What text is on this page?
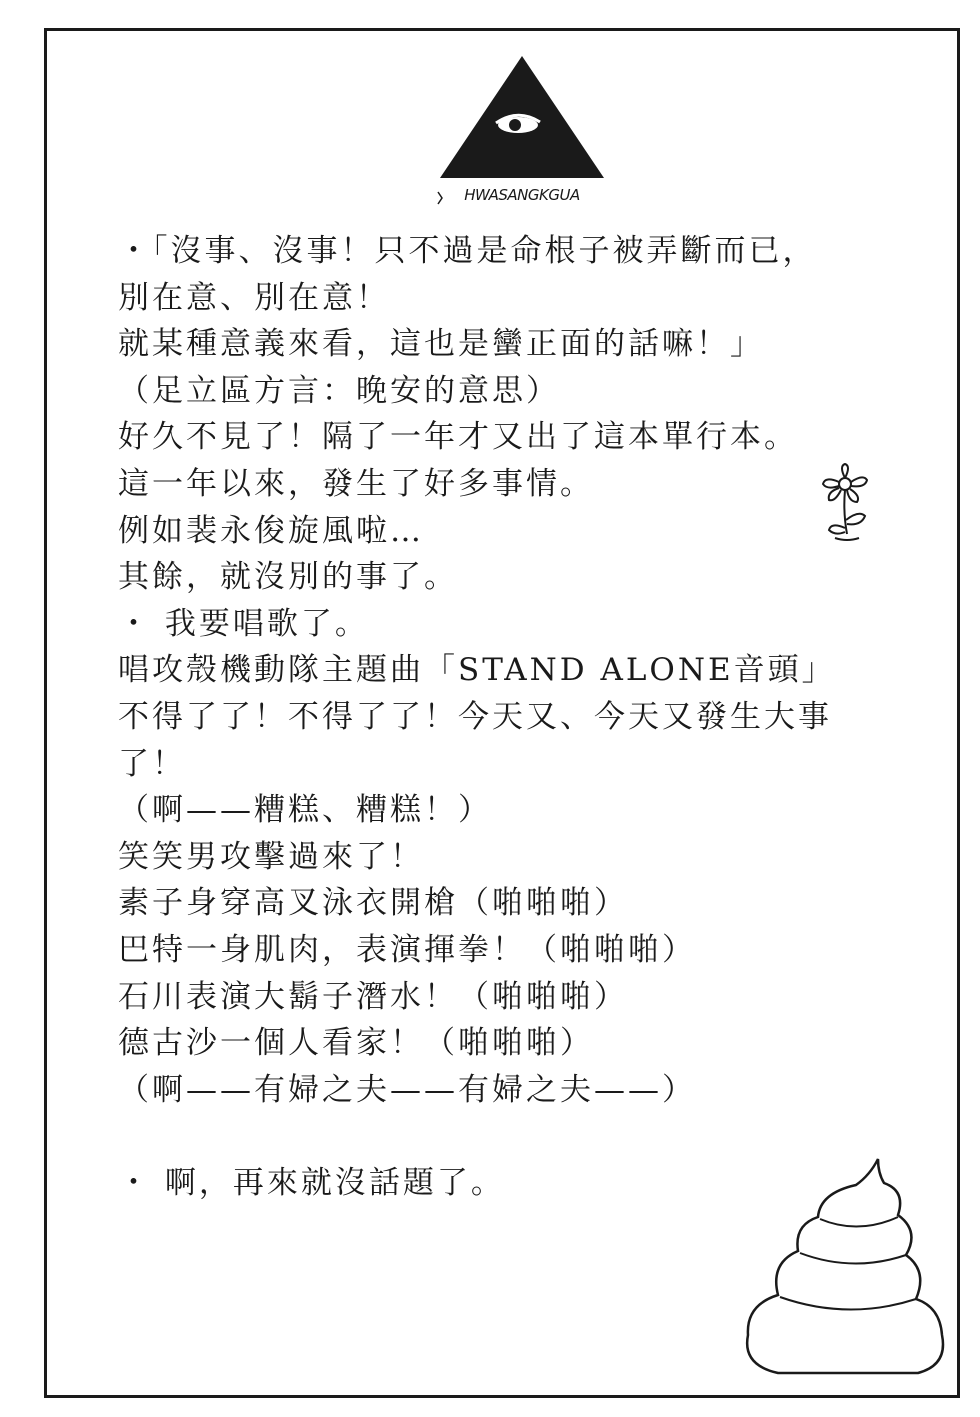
HWASANGKGUA
・「沒事、沒事！只不過是命根子被弄斷而已，
別在意、別在意！
就某種意義來看，這也是蠻正面的話嘛！」
（足立區方言：晚安的意思）
好久不見了！隔了一年才又出了這本單行本。
這一年以來，發生了好多事情。
例如裴永俊旋風啦…
其餘，就沒別的事了。
・ 我要唱歌了。
唱攻殼機動隊主題曲「STAND ALONE音頭」
不得了了！不得了了！今天又、今天又發生大事
了！
（啊——糟糕、糟糕！）
笑笑男攻擊過來了！
素子身穿高叉泳衣開槍（啪啪啪）
巴特一身肌肉，表演揮拳！（啪啪啪）
石川表演大鬍子潛水！（啪啪啪）
德古沙一個人看家！（啪啪啪）
（啊——有婦之夫——有婦之夫——）
・ 啊，再來就沒話題了。
